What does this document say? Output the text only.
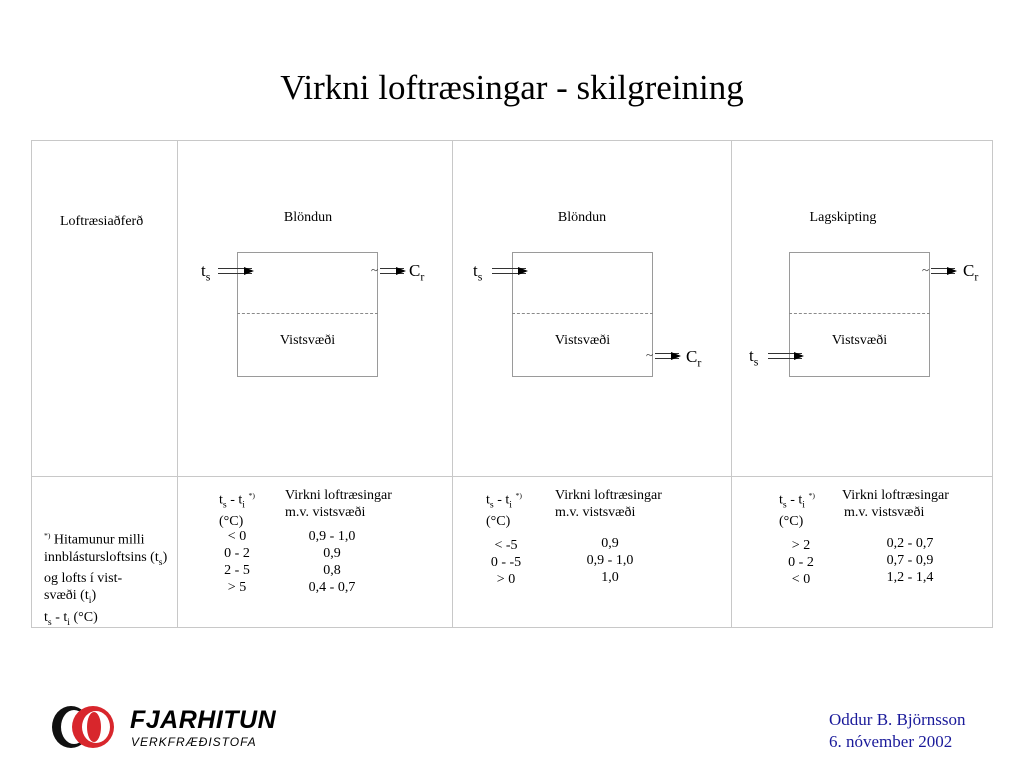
Virkni loftræsingar - skilgreining
Loftræsiaðferð	Blöndun
Vistsvæði
$t_s$	~ $C_r$
Blöndun
Vistsvæði
$t_s$
~ $C_r$
Lagskipting
Vistsvæði
$t_s$
~ $C_r$
*) Hitamunur milli
innblástursloftsins $(t_s)$
og lofts í vist-
svæði $(t_i)$
$t_s - t_i$ (°C)
$t_s - t_i$ *)
(°C)
Virkni loftræsingar
m.v. vistsvæði
< 0
0 - 2
2 - 5
> 5
0,9 - 1,0
0,9
0,8
0,4 - 0,7
$t_s - t_i$ *)
(°C)
Virkni loftræsingar
m.v. vistsvæði
< -5
0 - -5
> 0
0,9
0,9 - 1,0
1,0
$t_s - t_i$ *)
(°C)
Virkni loftræsingar
m.v. vistsvæði
> 2
0 - 2
< 0
0,2 - 0,7
0,7 - 0,9
1,2 - 1,4
FJARHITUN
VERKFRÆÐISTOFA
Oddur B. Björnsson
6. nóvember 2002
